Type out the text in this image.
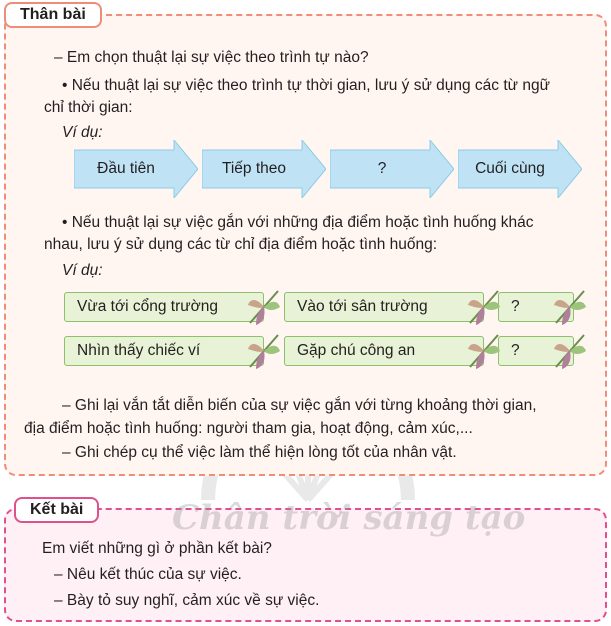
Thân bài
– Em chọn thuật lại sự việc theo trình tự nào?
• Nếu thuật lại sự việc theo trình tự thời gian, lưu ý sử dụng các từ ngữ
chỉ thời gian:
Ví dụ:
Đầu tiên	Tiếp theo	?	Cuối cùng
• Nếu thuật lại sự việc gắn với những địa điểm hoặc tình huống khác
nhau, lưu ý sử dụng các từ chỉ địa điểm hoặc tình huống:
Ví dụ:
Vừa tới cổng trường	Vào tới sân trường	?
Nhìn thấy chiếc ví	Gặp chú công an	?
– Ghi lại vắn tắt diễn biến của sự việc gắn với từng khoảng thời gian,
địa điểm hoặc tình huống: người tham gia, hoạt động, cảm xúc,...
– Ghi chép cụ thể việc làm thể hiện lòng tốt của nhân vật.
Kết bài
Em viết những gì ở phần kết bài?
– Nêu kết thúc của sự việc.
– Bày tỏ suy nghĩ, cảm xúc về sự việc.
Chân trời sáng tạo
